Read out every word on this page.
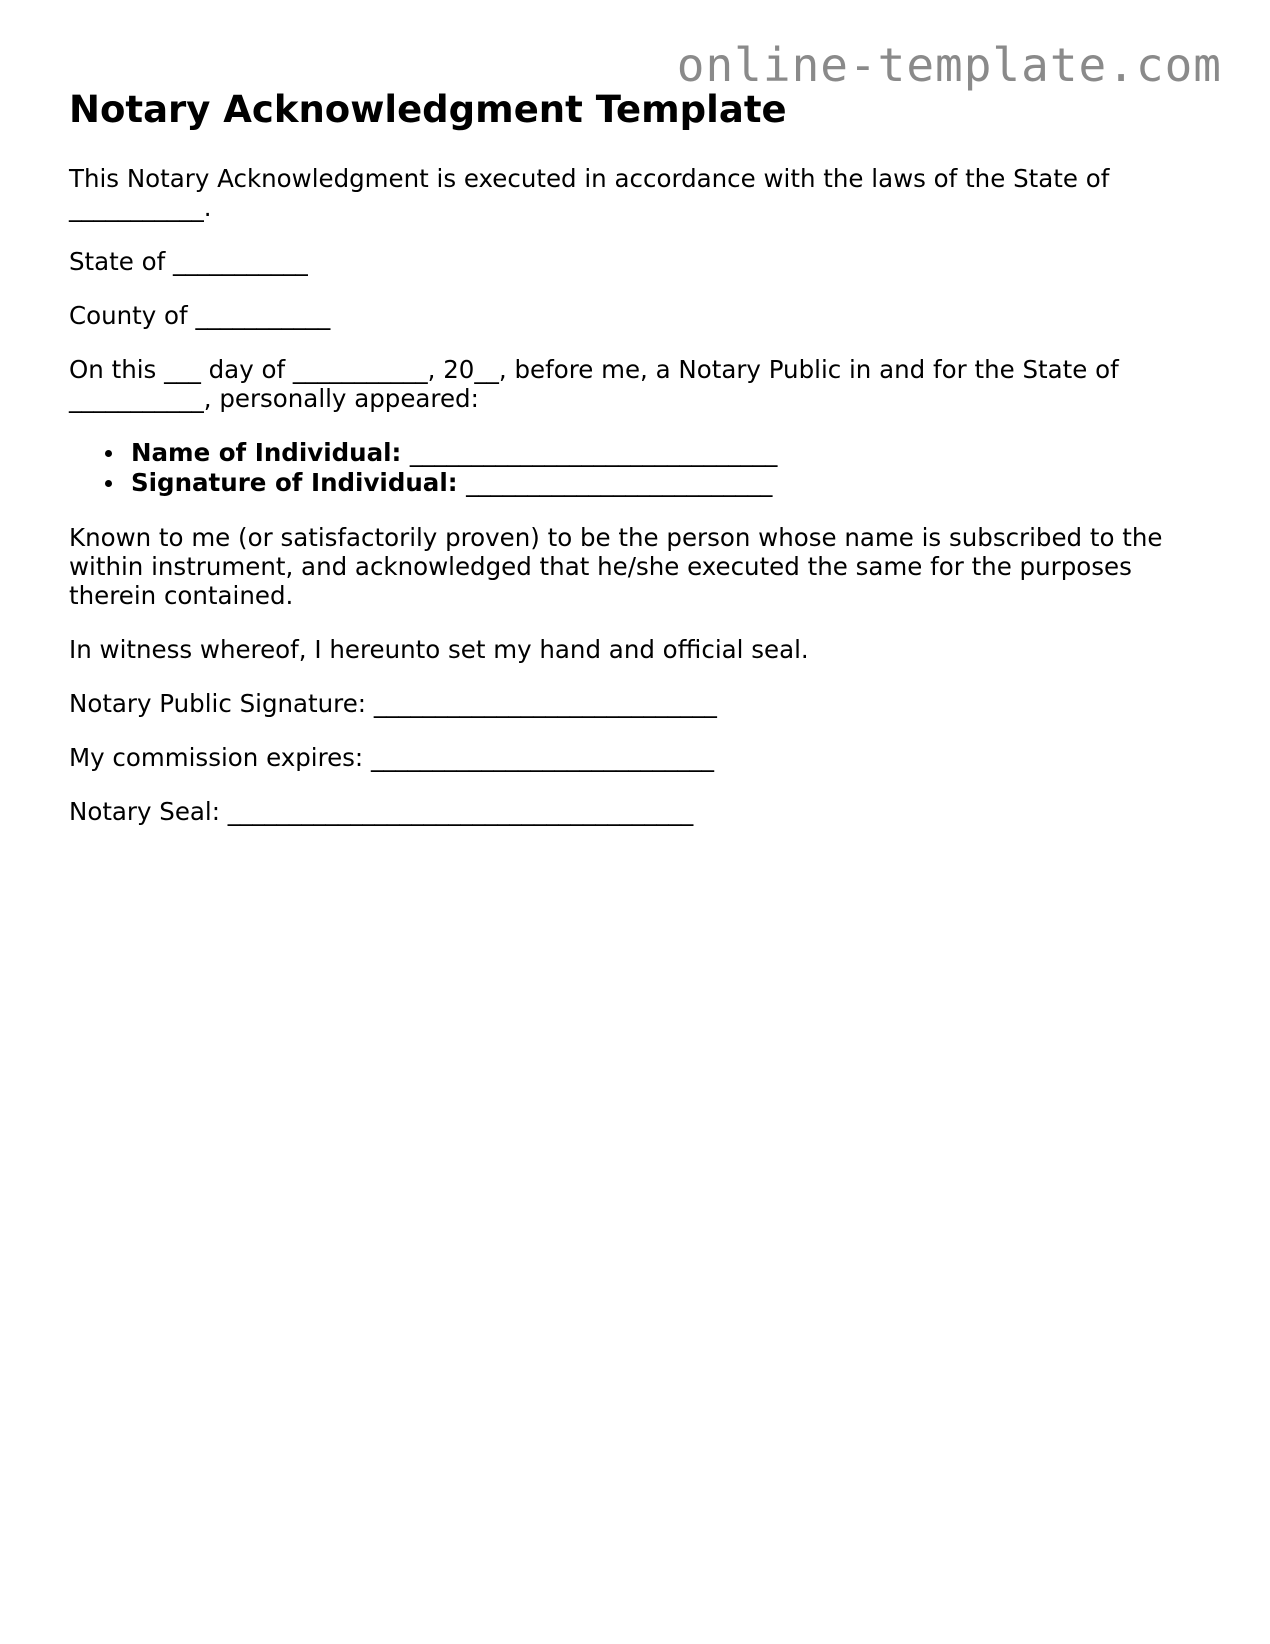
online-template.com
Notary Acknowledgment Template

This Notary Acknowledgment is executed in accordance with the laws of the State of ___________.

State of ___________

County of ___________

On this ___ day of ___________, 20__, before me, a Notary Public in and for the State of ___________, personally appeared:

Name of Individual: ______________________________
Signature of Individual: _________________________

Known to me (or satisfactorily proven) to be the person whose name is subscribed to the within instrument, and acknowledged that he/she executed the same for the purposes therein contained.

In witness whereof, I hereunto set my hand and official seal.

Notary Public Signature: ____________________________

My commission expires: ____________________________

Notary Seal: ______________________________________
